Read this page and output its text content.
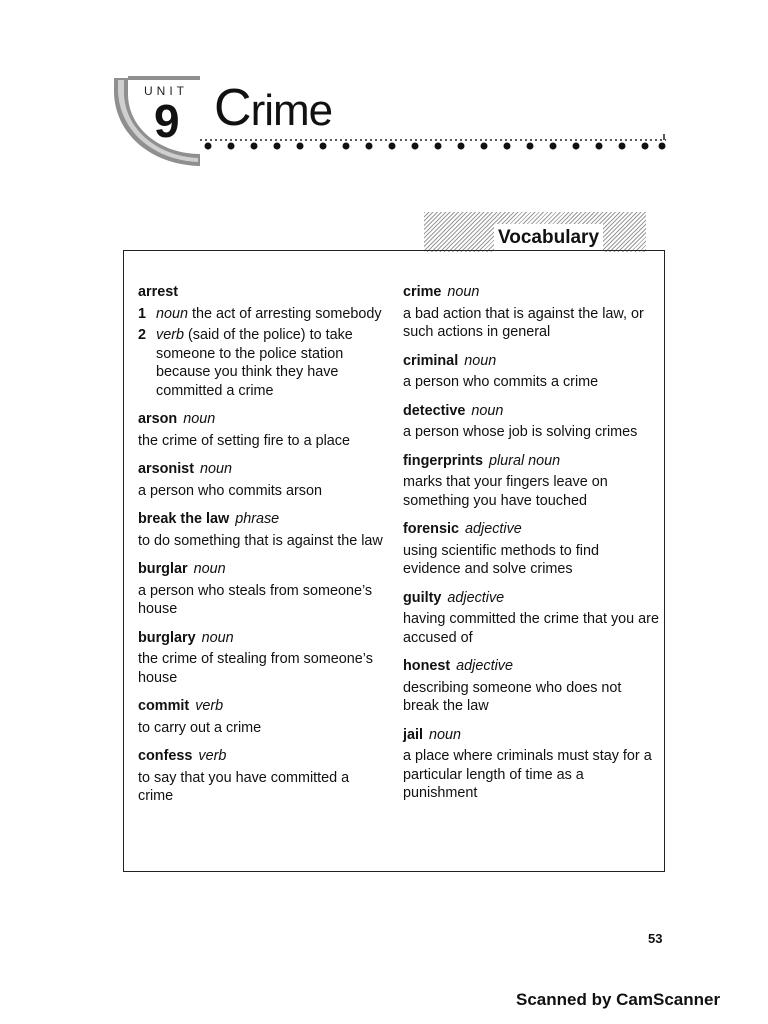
UNIT
9 Crime
Vocabulary
arrest
1 noun the act of arresting somebody
2 verb (said of the police) to take someone to the police station because you think they have committed a crime
arson noun
the crime of setting fire to a place
arsonist noun
a person who commits arson
break the law phrase
to do something that is against the law
burglar noun
a person who steals from someone’s house
burglary noun
the crime of stealing from someone’s house
commit verb
to carry out a crime
confess verb
to say that you have committed a crime
crime noun
a bad action that is against the law, or such actions in general
criminal noun
a person who commits a crime
detective noun
a person whose job is solving crimes
fingerprints plural noun
marks that your fingers leave on something you have touched
forensic adjective
using scientific methods to find evidence and solve crimes
guilty adjective
having committed the crime that you are accused of
honest adjective
describing someone who does not break the law
jail noun
a place where criminals must stay for a particular length of time as a punishment
53
Scanned by CamScanner
